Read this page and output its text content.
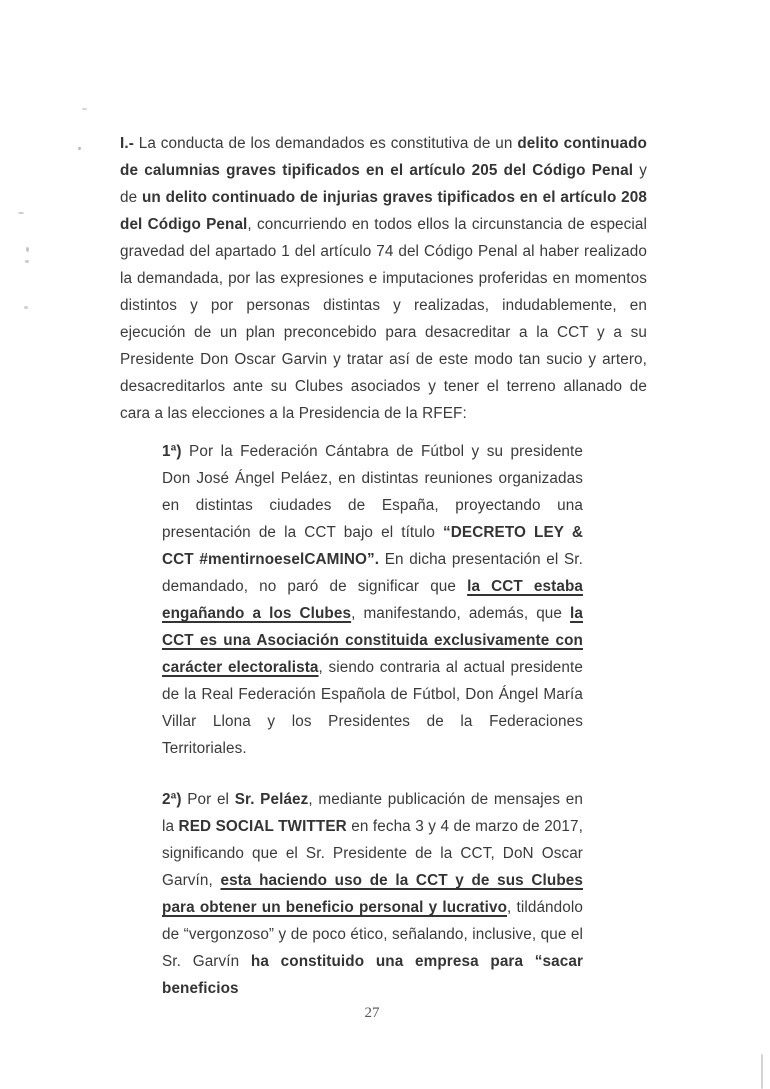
I.- La conducta de los demandados es constitutiva de un delito continuado de calumnias graves tipificados en el artículo 205 del Código Penal y de un delito continuado de injurias graves tipificados en el artículo 208 del Código Penal, concurriendo en todos ellos la circunstancia de especial gravedad del apartado 1 del artículo 74 del Código Penal al haber realizado la demandada, por las expresiones e imputaciones proferidas en momentos distintos y por personas distintas y realizadas, indudablemente, en ejecución de un plan preconcebido para desacreditar a la CCT y a su Presidente Don Oscar Garvin y tratar así de este modo tan sucio y artero, desacreditarlos ante su Clubes asociados y tener el terreno allanado de cara a las elecciones a la Presidencia de la RFEF:

1ª) Por la Federación Cántabra de Fútbol y su presidente Don José Ángel Peláez, en distintas reuniones organizadas en distintas ciudades de España, proyectando una presentación de la CCT bajo el título “DECRETO LEY & CCT #mentirnoeselCAMINO”. En dicha presentación el Sr. demandado, no paró de significar que la CCT estaba engañando a los Clubes, manifestando, además, que la CCT es una Asociación constituida exclusivamente con carácter electoralista, siendo contraria al actual presidente de la Real Federación Española de Fútbol, Don Ángel María Villar Llona y los Presidentes de la Federaciones Territoriales.

2ª) Por el Sr. Peláez, mediante publicación de mensajes en la RED SOCIAL TWITTER en fecha 3 y 4 de marzo de 2017, significando que el Sr. Presidente de la CCT, DoN Oscar Garvín, esta haciendo uso de la CCT y de sus Clubes para obtener un beneficio personal y lucrativo, tildándolo de “vergonzoso” y de poco ético, señalando, inclusive, que el Sr. Garvín ha constituido una empresa para “sacar beneficios

27
